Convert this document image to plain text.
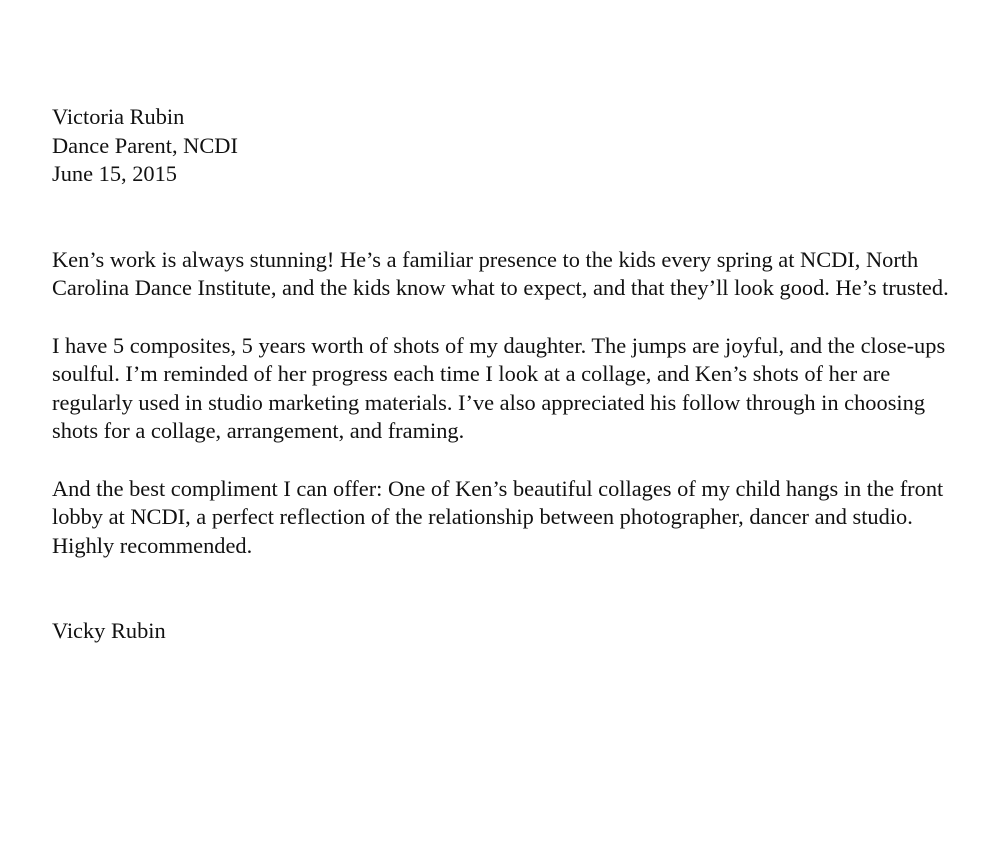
Victoria Rubin

Dance Parent, NCDI

June 15, 2015

Ken’s work is always stunning! He’s a familiar presence to the kids every spring at NCDI, North Carolina Dance Institute, and the kids know what to expect, and that they’ll look good. He’s trusted.

I have 5 composites, 5 years worth of shots of my daughter. The jumps are joyful, and the close-ups soulful. I’m reminded of her progress each time I look at a collage, and Ken’s shots of her are regularly used in studio marketing materials. I’ve also appreciated his follow through in choosing shots for a collage, arrangement, and framing.

And the best compliment I can offer: One of Ken’s beautiful collages of my child hangs in the front lobby at NCDI, a perfect reflection of the relationship between photographer, dancer and studio. Highly recommended.

Vicky Rubin
